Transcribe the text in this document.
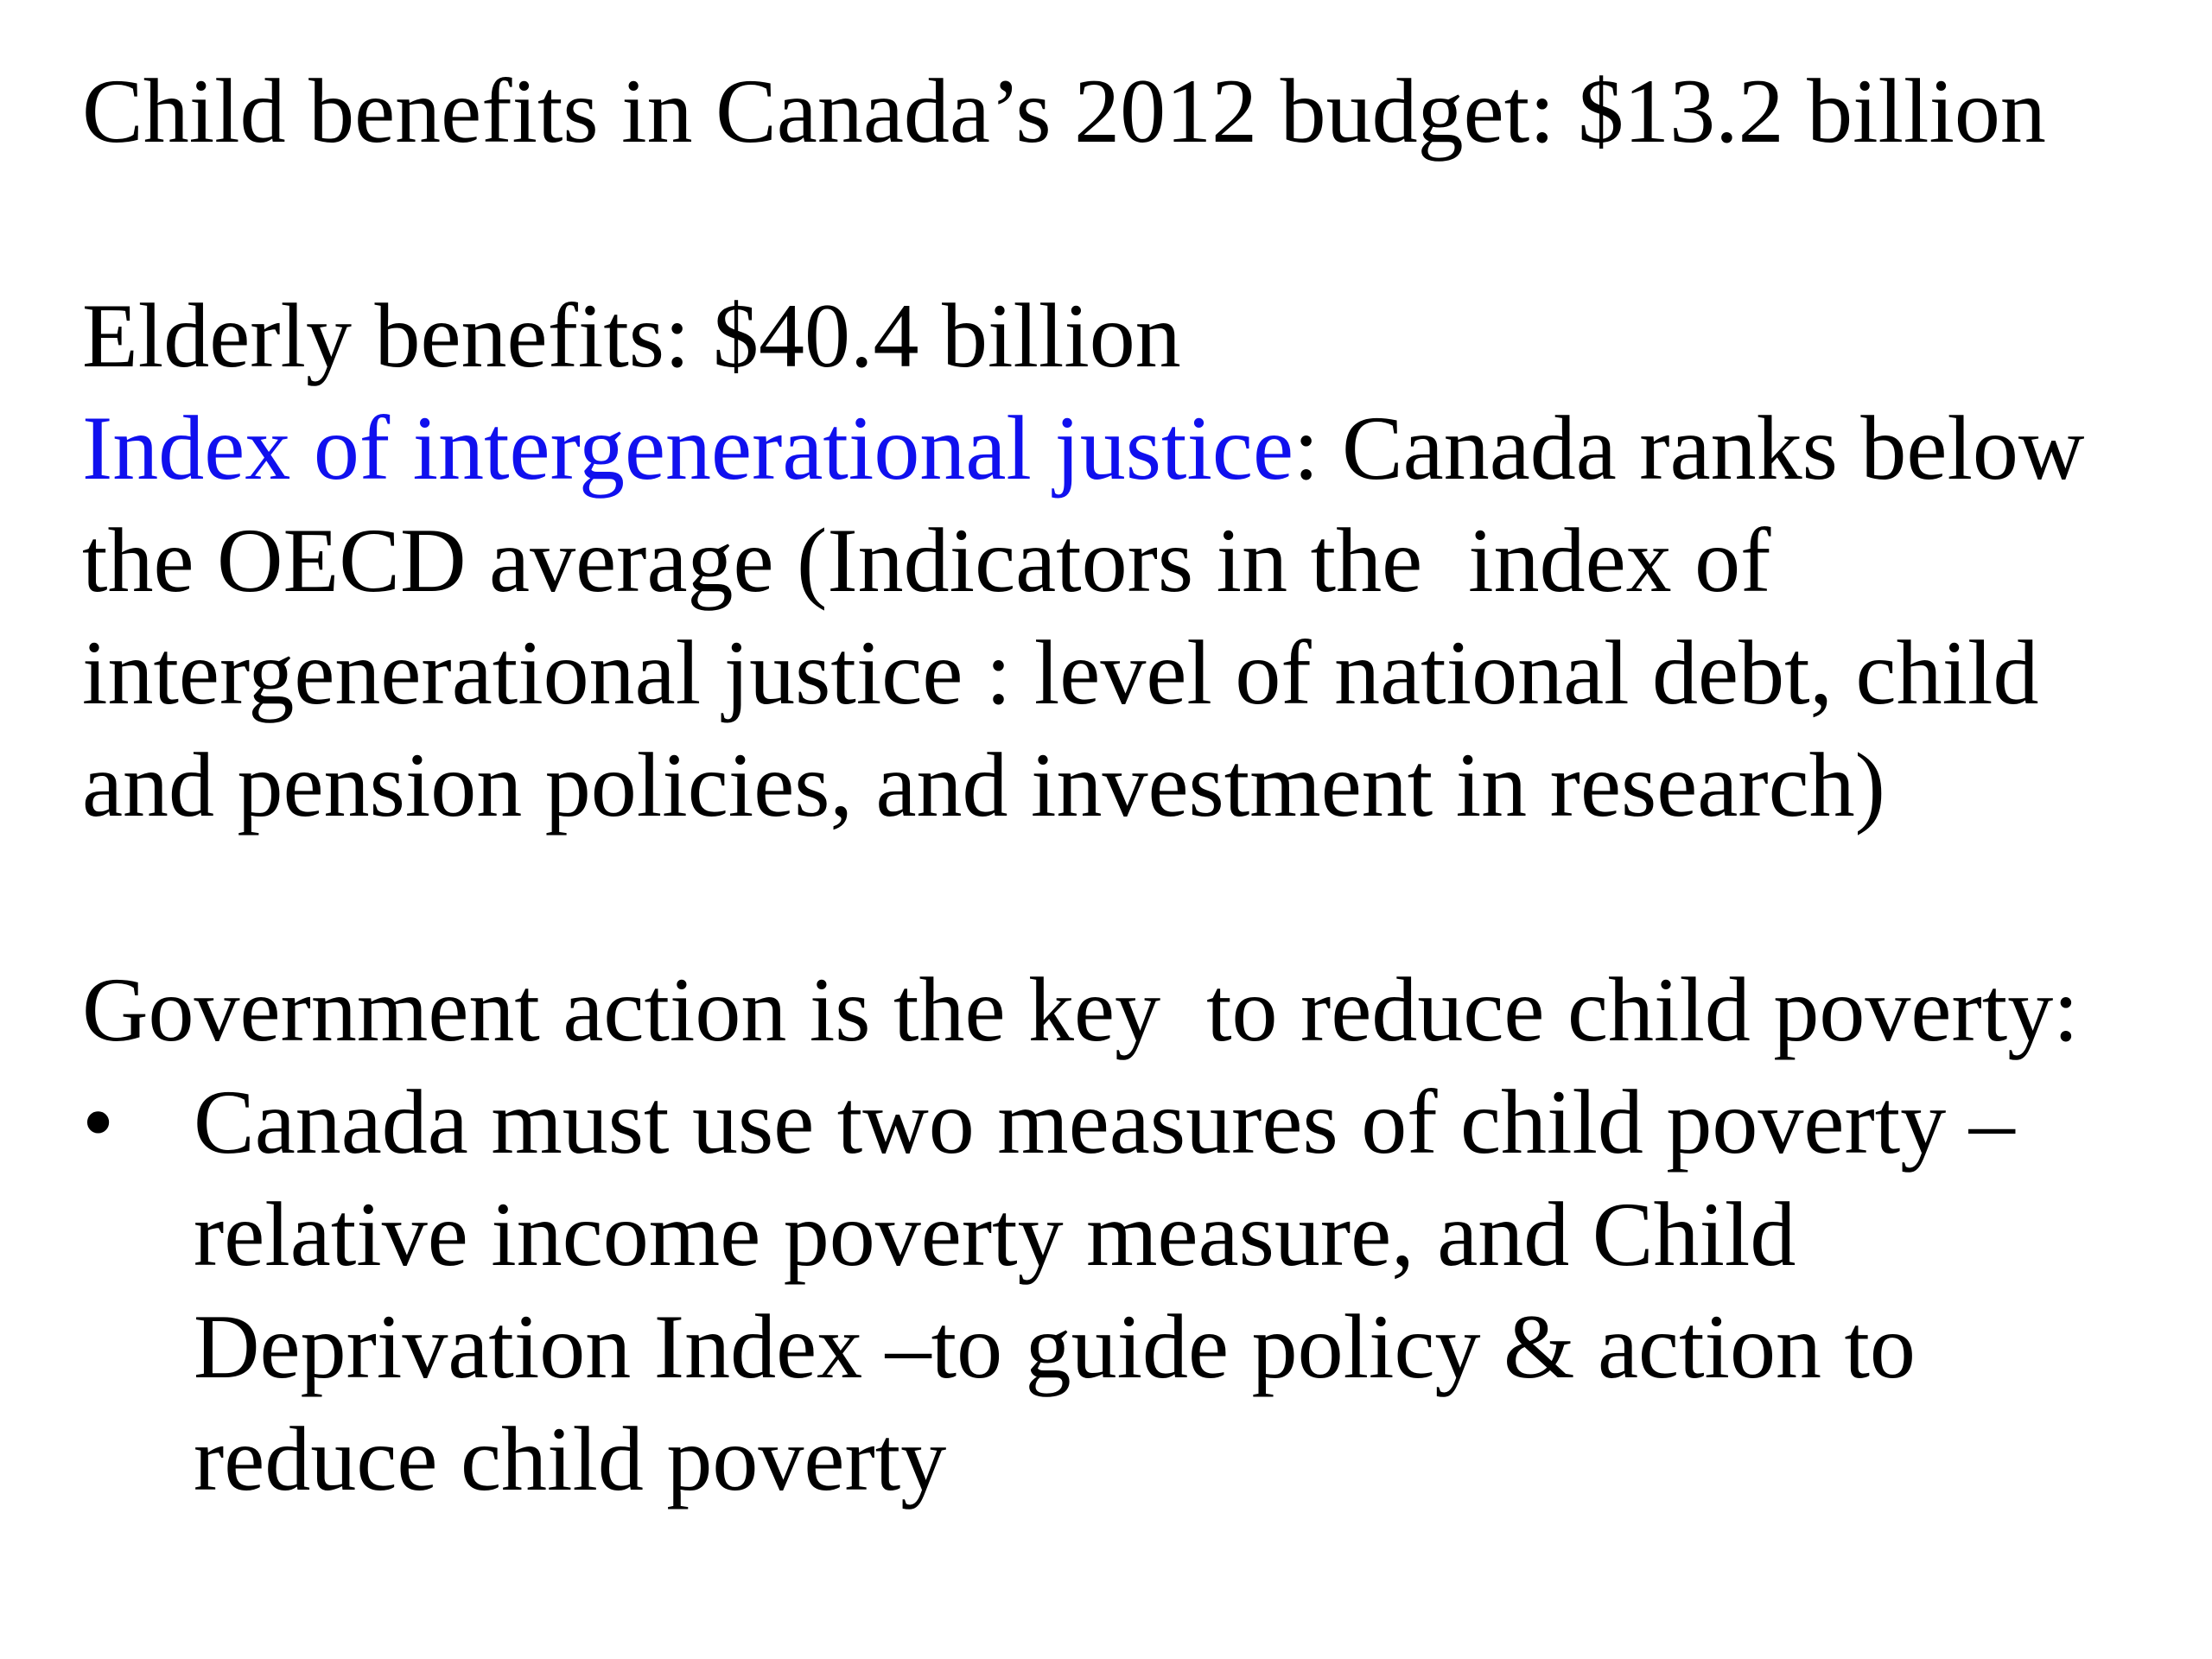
Child benefits in Canada’s 2012 budget: $13.2 billion

Elderly benefits: $40.4 billion

Index of intergenerational justice: Canada ranks below

the OECD average (Indicators in the  index of

intergenerational justice : level of national debt, child

and pension policies, and investment in research)

Government action is the key  to reduce child poverty:

• Canada must use two measures of child poverty –

relative income poverty measure, and Child

Deprivation Index –to guide policy & action to

reduce child poverty
